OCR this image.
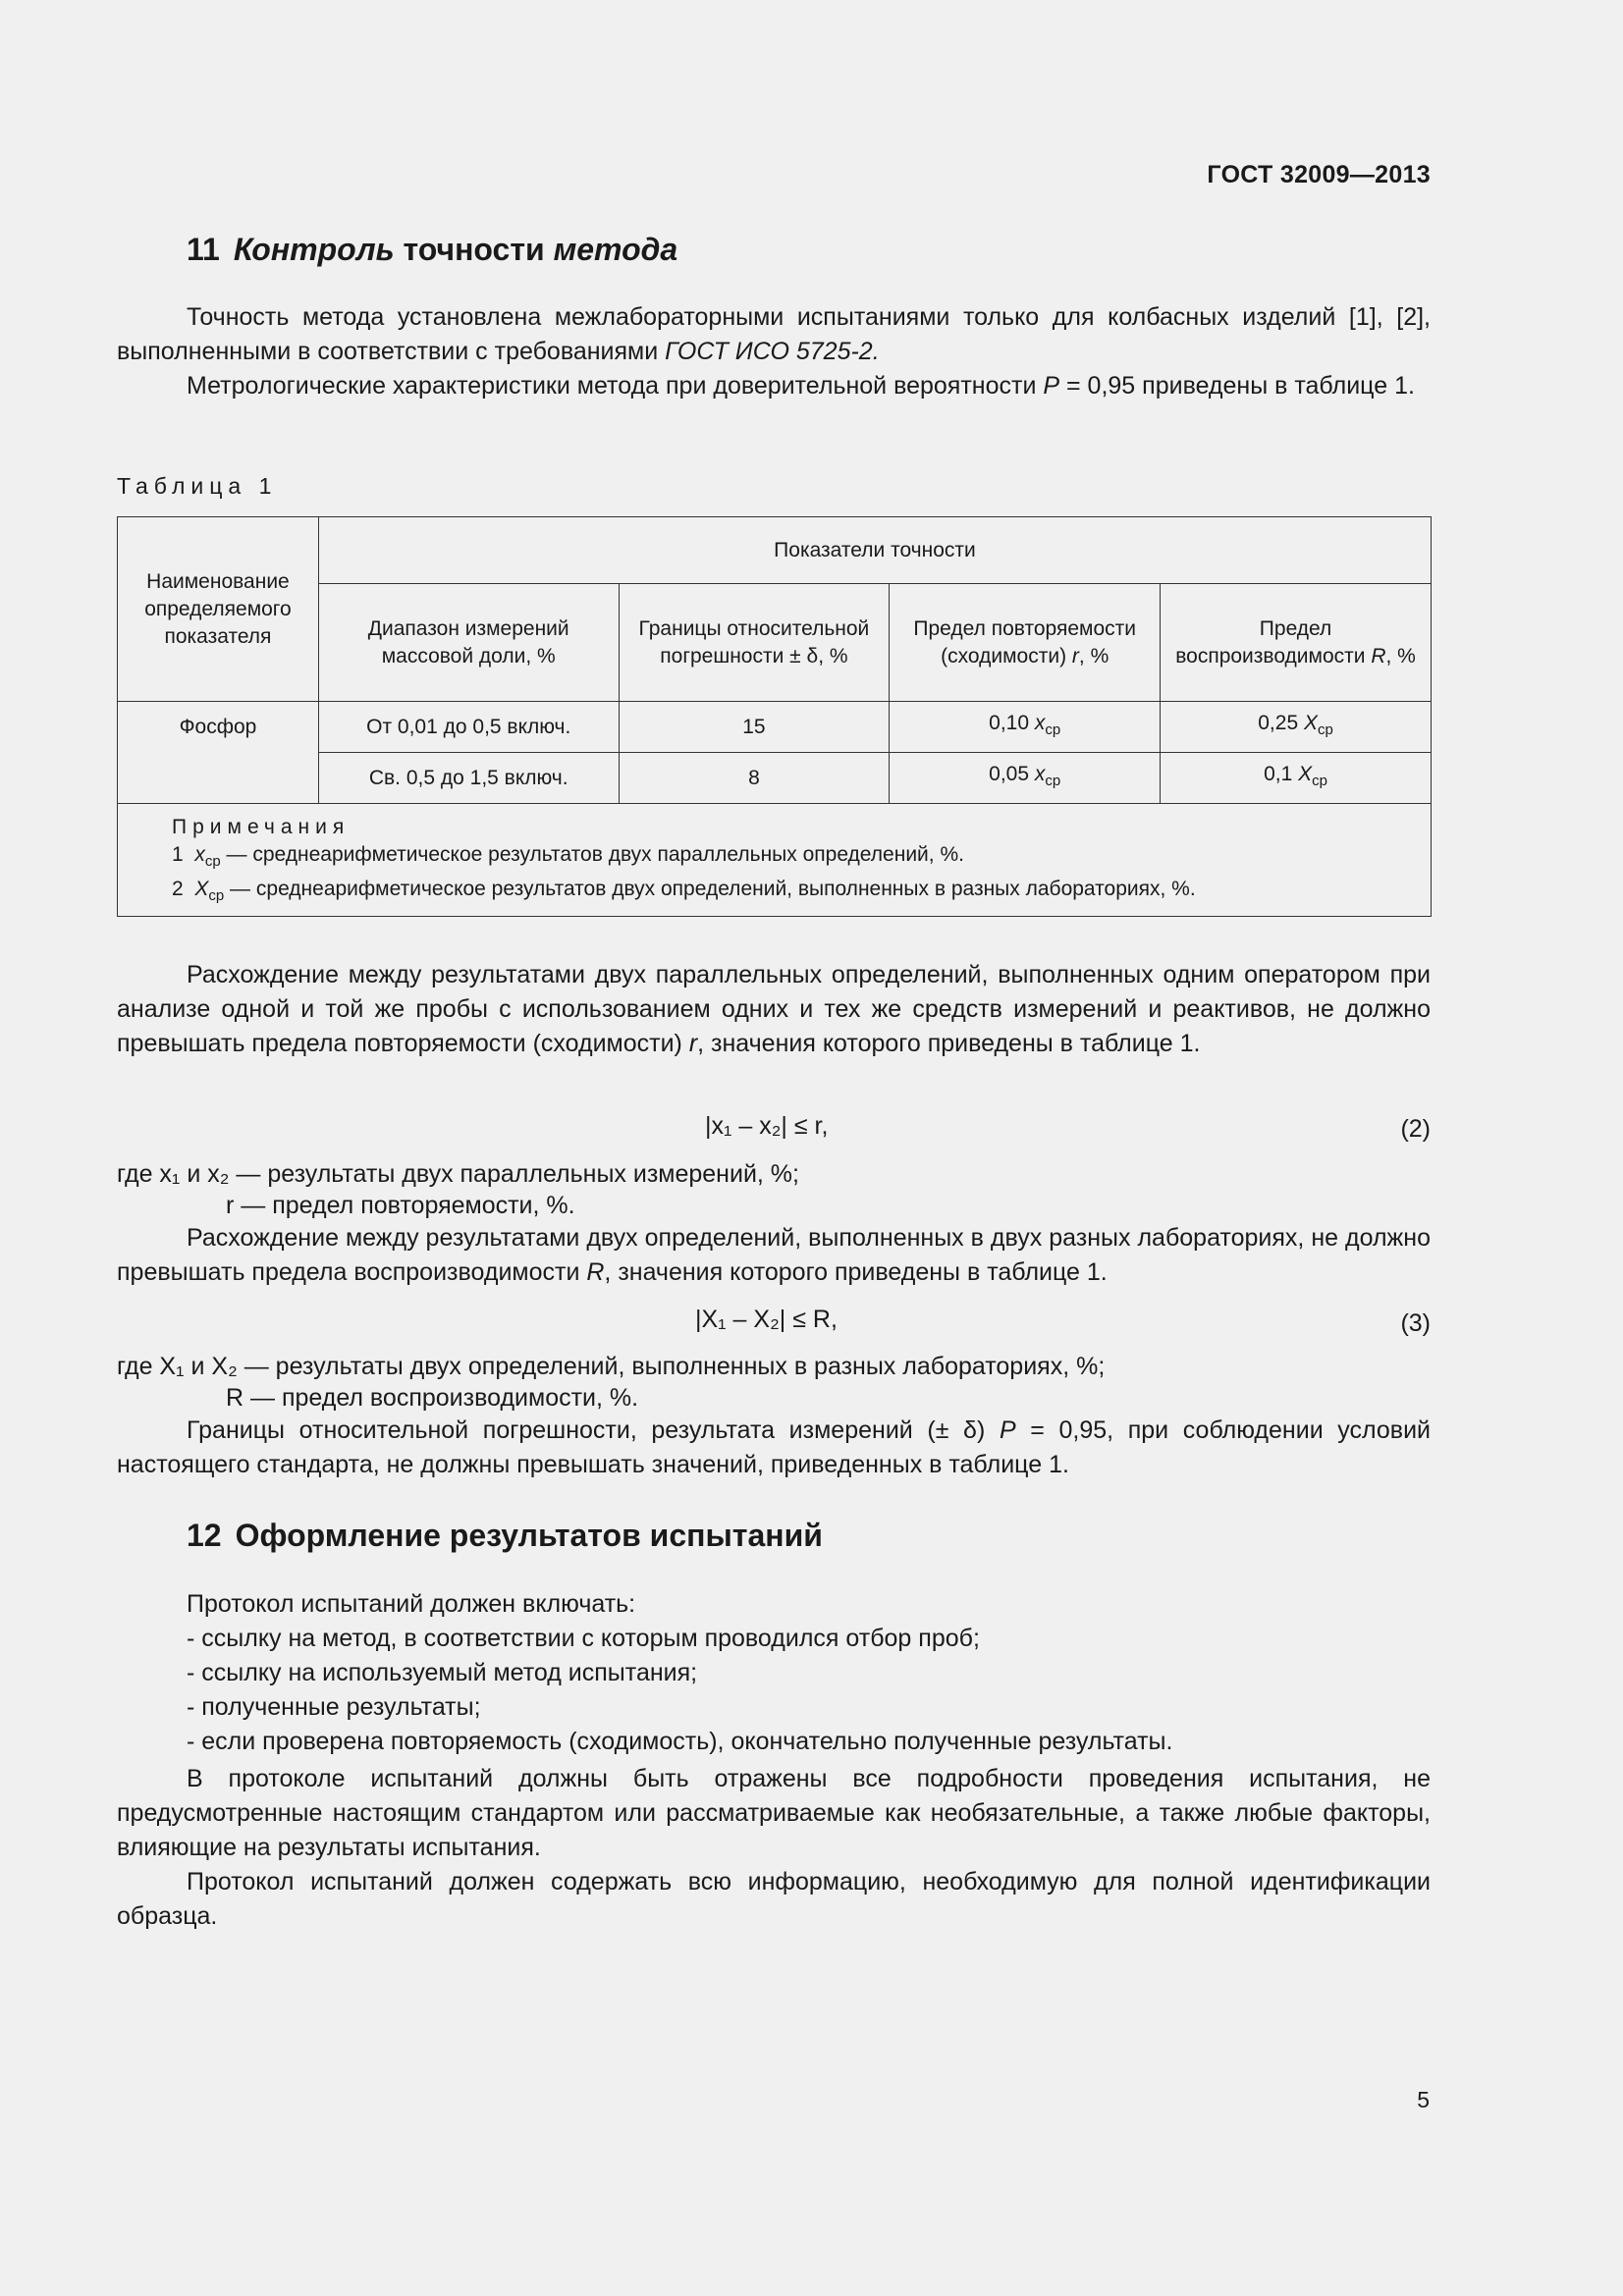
ГОСТ 32009—2013
11 Контроль точности метода
Точность метода установлена межлабораторными испытаниями только для колбасных изделий [1], [2], выполненными в соответствии с требованиями ГОСТ ИСО 5725-2.
Метрологические характеристики метода при доверительной вероятности P = 0,95 приведены в таблице 1.
Таблица 1
Наименование определяемого показателя	Показатели точности			
	Диапазон измерений массовой доли, %	Границы относительной погрешности ± δ, %	Предел повторяемости (сходимости) r, %	Предел воспроизводимости R, %
Фосфор	От 0,01 до 0,5 включ.	15	0,10 $x_{ср}$	0,25 $X_{ср}$
	Св. 0,5 до 1,5 включ.	8	0,05 $x_{ср}$	0,1 $X_{ср}$

Примечания
1 $x_{ср}$ — среднеарифметическое результатов двух параллельных определений, %.
2 $X_{ср}$ — среднеарифметическое результатов двух определений, выполненных в разных лабораториях, %.				
Расхождение между результатами двух параллельных определений, выполненных одним оператором при анализе одной и той же пробы с использованием одних и тех же средств измерений и реактивов, не должно превышать предела повторяемости (сходимости) r, значения которого приведены в таблице 1.
|x₁ – x₂| ≤ r,	(2)
где x₁ и x₂ — результаты двух параллельных измерений, %;
r — предел повторяемости, %.
Расхождение между результатами двух определений, выполненных в двух разных лабораториях, не должно превышать предела воспроизводимости R, значения которого приведены в таблице 1.
|X₁ – X₂| ≤ R,	(3)
где X₁ и X₂ — результаты двух определений, выполненных в разных лабораториях, %;
R — предел воспроизводимости, %.
Границы относительной погрешности, результата измерений (± δ) P = 0,95, при соблюдении условий настоящего стандарта, не должны превышать значений, приведенных в таблице 1.
12 Оформление результатов испытаний
Протокол испытаний должен включать:
- ссылку на метод, в соответствии с которым проводился отбор проб;
- ссылку на используемый метод испытания;
- полученные результаты;
- если проверена повторяемость (сходимость), окончательно полученные результаты.
В протоколе испытаний должны быть отражены все подробности проведения испытания, не предусмотренные настоящим стандартом или рассматриваемые как необязательные, а также любые факторы, влияющие на результаты испытания.
Протокол испытаний должен содержать всю информацию, необходимую для полной идентификации образца.
5
